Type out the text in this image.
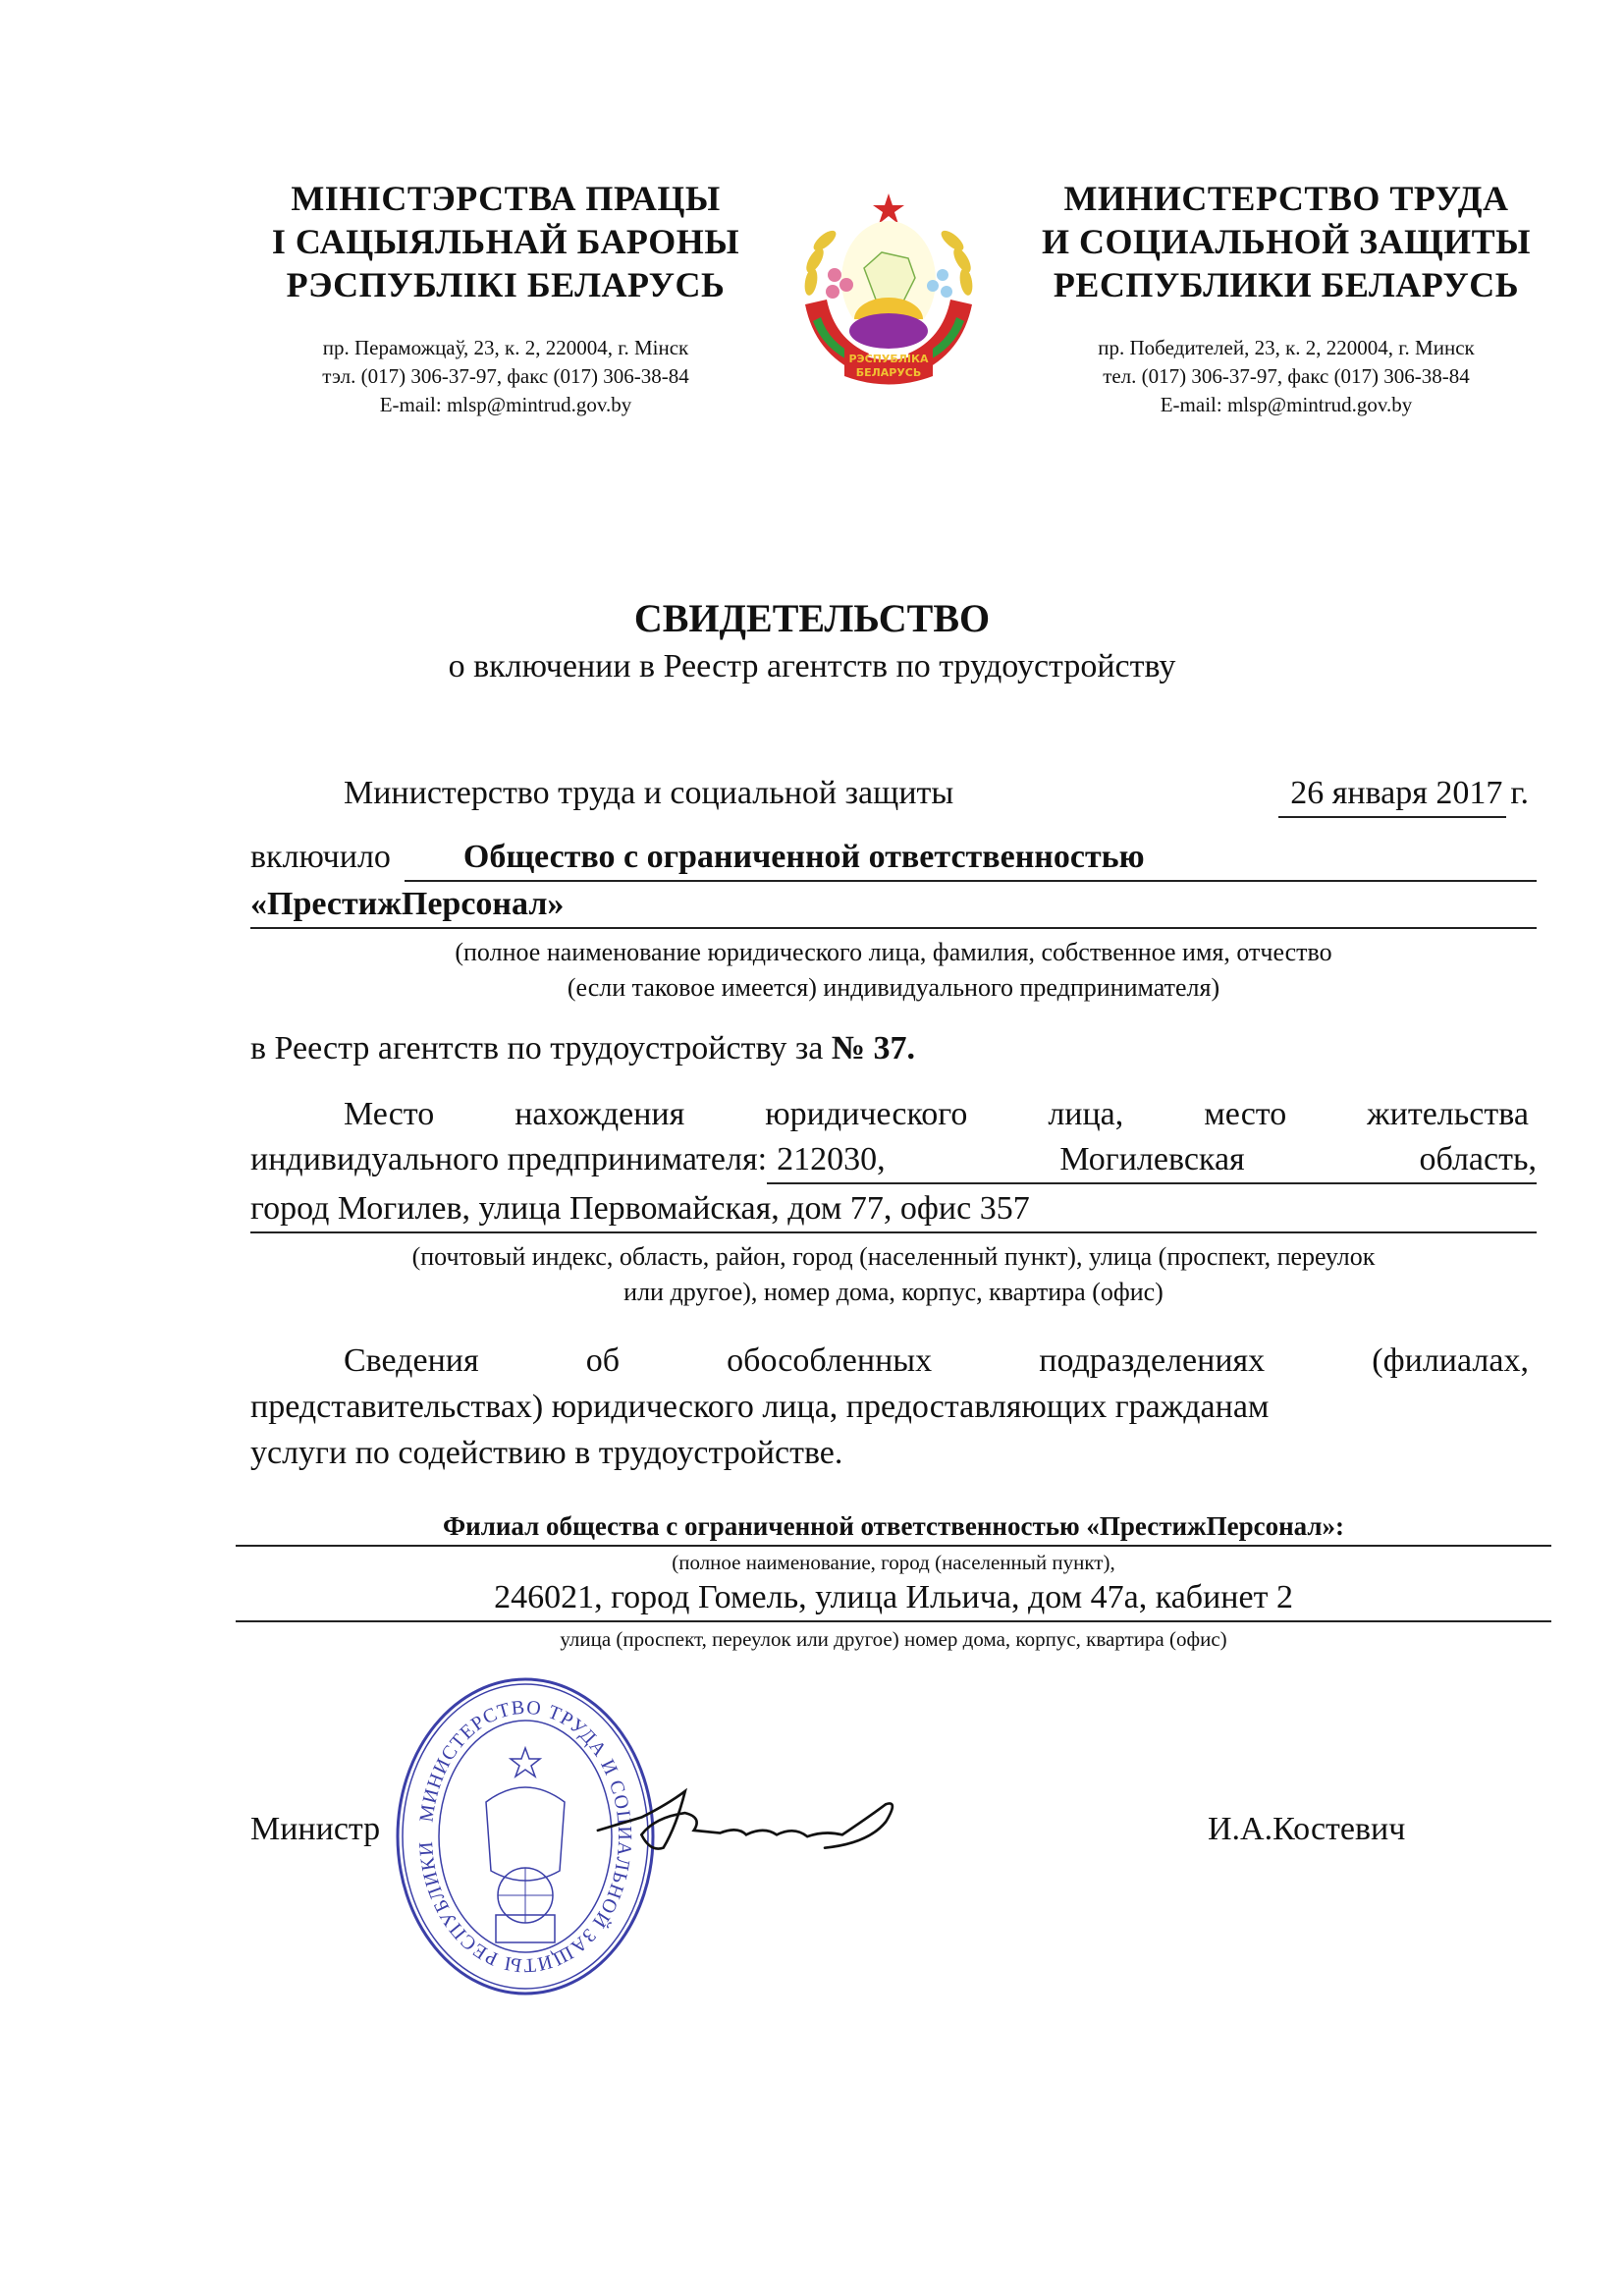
МІНІСТЭРСТВА ПРАЦЫ
І САЦЫЯЛЬНАЙ БАРОНЫ
РЭСПУБЛІКІ БЕЛАРУСЬ
пр. Пераможцаў, 23, к. 2, 220004, г. Мінск
тэл. (017) 306-37-97, факс (017) 306-38-84
E-mail: mlsp@mintrud.gov.by
РЭСПУБЛІКА
БЕЛАРУСЬ
МИНИСТЕРСТВО ТРУДА
И СОЦИАЛЬНОЙ ЗАЩИТЫ
РЕСПУБЛИКИ БЕЛАРУСЬ
пр. Победителей, 23, к. 2, 220004, г. Минск
тел. (017) 306-37-97, факс (017) 306-38-84
E-mail: mlsp@mintrud.gov.by
СВИДЕТЕЛЬСТВО
о включении в Реестр агентств по трудоустройству
Министерство труда и социальной защиты	26 января 2017 г.
включило	Общество с ограниченной ответственностью
«ПрестижПерсонал»
(полное наименование юридического лица, фамилия, собственное имя, отчество
(если таковое имеется) индивидуального предпринимателя)
в Реестр агентств по трудоустройству за № 37.
Место нахождения юридического лица, место жительства
индивидуального предпринимателя: 212030,	Могилевская	область,
город Могилев, улица Первомайская, дом 77, офис 357
(почтовый индекс, область, район, город (населенный пункт), улица (проспект, переулок
или другое), номер дома, корпус, квартира (офис)
Сведения	об	обособленных	подразделениях	(филиалах,
представительствах) юридического лица, предоставляющих гражданам
услуги по содействию в трудоустройстве.
Филиал общества с ограниченной ответственностью «ПрестижПерсонал»:
(полное наименование, город (населенный пункт),
246021, город Гомель, улица Ильича, дом 47а, кабинет 2
улица (проспект, переулок или другое) номер дома, корпус, квартира (офис)
МИНИСТЕРСТВО ТРУДА И СОЦИАЛЬНОЙ ЗАЩИТЫ РЕСПУБЛИКИ
Министр	И.А.Костевич
